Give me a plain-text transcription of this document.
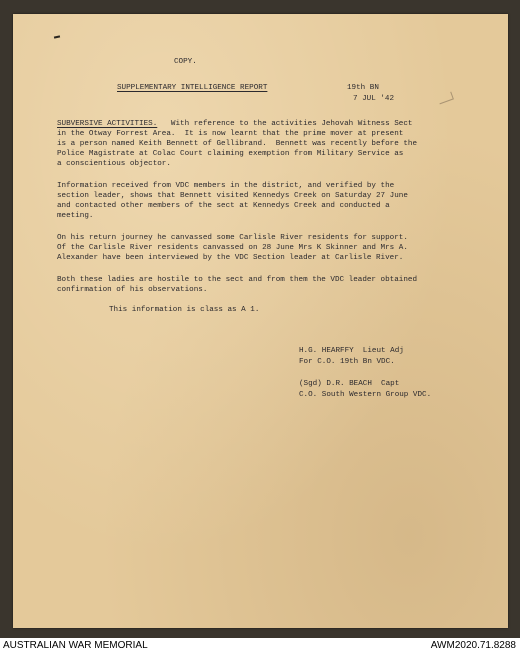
COPY.
SUPPLEMENTARY INTELLIGENCE REPORT	19th BN
7 JUL '42
SUBVERSIVE ACTIVITIES.   With reference to the activities Jehovah Witness Sect
in the Otway Forrest Area.  It is now learnt that the prime mover at present
is a person named Keith Bennett of Gellibrand.  Bennett was recently before the
Police Magistrate at Colac Court claiming exemption from Military Service as
a conscientious objector.
Information received from VDC members in the district, and verified by the
section leader, shows that Bennett visited Kennedys Creek on Saturday 27 June
and contacted other members of the sect at Kennedys Creek and conducted a
meeting.
On his return journey he canvassed some Carlisle River residents for support.
Of the Carlisle River residents canvassed on 28 June Mrs K Skinner and Mrs A.
Alexander have been interviewed by the VDC Section leader at Carlisle River.
Both these ladies are hostile to the sect and from them the VDC leader obtained
confirmation of his observations.
This information is class as A 1.
H.G. HEARFFY  Lieut Adj
For C.O. 19th Bn VDC.
(Sgd) D.R. BEACH  Capt
C.O. South Western Group VDC.
AUSTRALIAN WAR MEMORIAL	AWM2020.71.8288
